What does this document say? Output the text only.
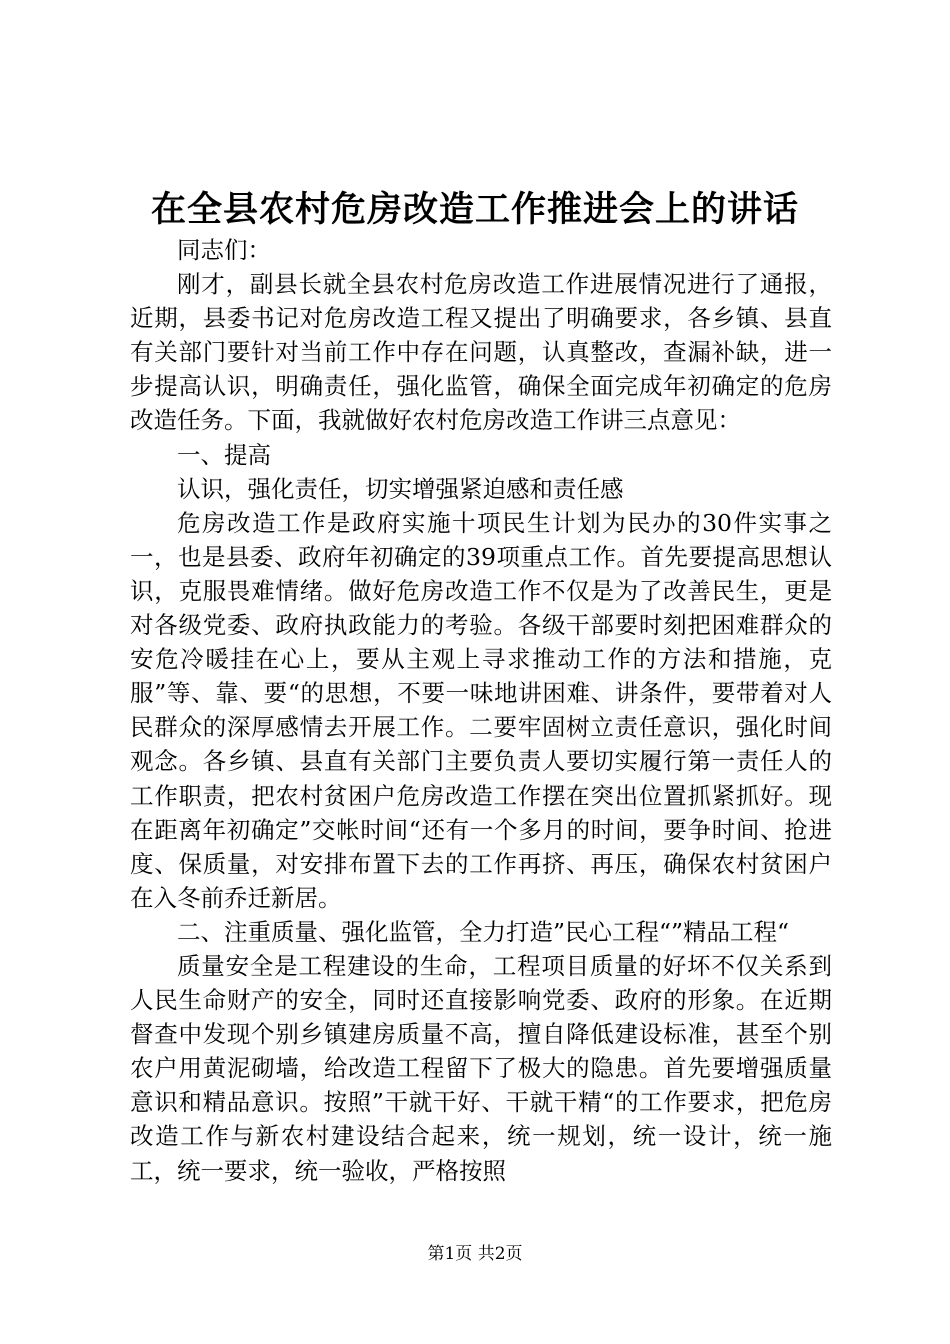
在全县农村危房改造工作推进会上的讲话

同志们：

刚才，副县长就全县农村危房改造工作进展情况进行了通报，近期，县委书记对危房改造工程又提出了明确要求，各乡镇、县直有关部门要针对当前工作中存在问题，认真整改，查漏补缺，进一步提高认识，明确责任，强化监管，确保全面完成年初确定的危房改造任务。下面，我就做好农村危房改造工作讲三点意见：

一、提高

认识，强化责任，切实增强紧迫感和责任感

危房改造工作是政府实施十项民生计划为民办的30件实事之一，也是县委、政府年初确定的39项重点工作。首先要提高思想认识，克服畏难情绪。做好危房改造工作不仅是为了改善民生，更是对各级党委、政府执政能力的考验。各级干部要时刻把困难群众的安危冷暖挂在心上，要从主观上寻求推动工作的方法和措施，克服”等、靠、要“的思想，不要一味地讲困难、讲条件，要带着对人民群众的深厚感情去开展工作。二要牢固树立责任意识，强化时间观念。各乡镇、县直有关部门主要负责人要切实履行第一责任人的工作职责，把农村贫困户危房改造工作摆在突出位置抓紧抓好。现在距离年初确定”交帐时间“还有一个多月的时间，要争时间、抢进度、保质量，对安排布置下去的工作再挤、再压，确保农村贫困户在入冬前乔迁新居。

二、注重质量、强化监管，全力打造”民心工程“”精品工程“

质量安全是工程建设的生命，工程项目质量的好坏不仅关系到人民生命财产的安全，同时还直接影响党委、政府的形象。在近期督查中发现个别乡镇建房质量不高，擅自降低建设标准，甚至个别农户用黄泥砌墙，给改造工程留下了极大的隐患。首先要增强质量意识和精品意识。按照”干就干好、干就干精“的工作要求，把危房改造工作与新农村建设结合起来，统一规划，统一设计，统一施工，统一要求，统一验收，严格按照

第1页 共2页
